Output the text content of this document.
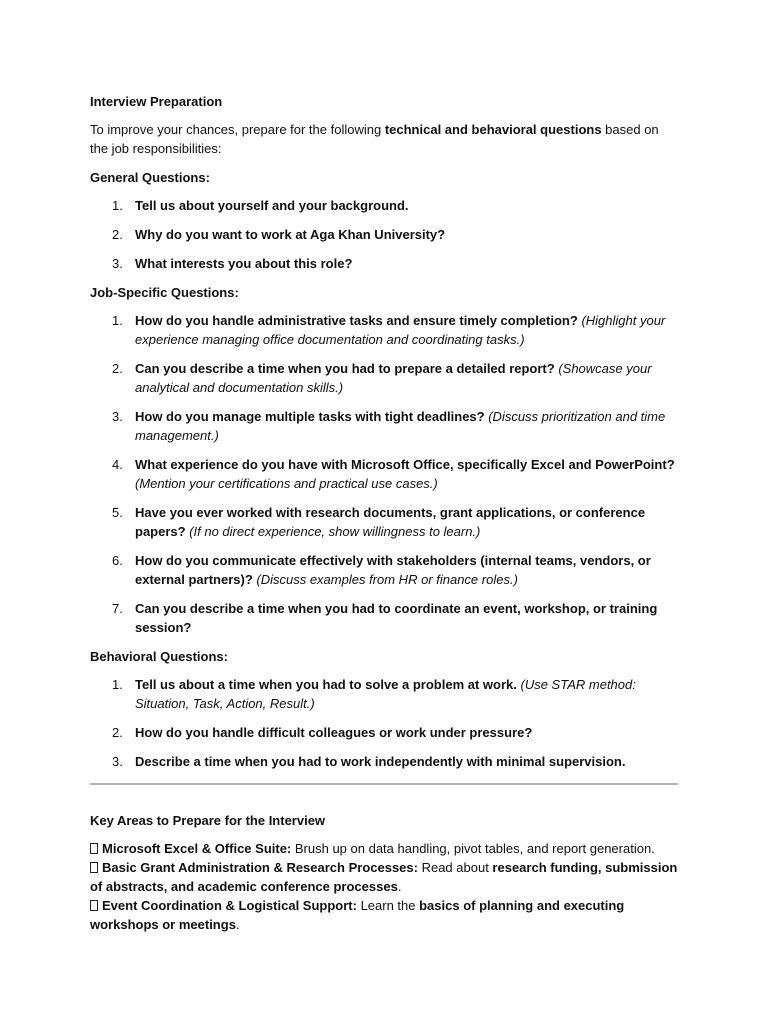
Interview Preparation

To improve your chances, prepare for the following technical and behavioral questions based on the job responsibilities:

General Questions:

1. Tell us about yourself and your background.
2. Why do you want to work at Aga Khan University?
3. What interests you about this role?

Job-Specific Questions:

1. How do you handle administrative tasks and ensure timely completion? (Highlight your experience managing office documentation and coordinating tasks.)
2. Can you describe a time when you had to prepare a detailed report? (Showcase your analytical and documentation skills.)
3. How do you manage multiple tasks with tight deadlines? (Discuss prioritization and time management.)
4. What experience do you have with Microsoft Office, specifically Excel and PowerPoint? (Mention your certifications and practical use cases.)
5. Have you ever worked with research documents, grant applications, or conference papers? (If no direct experience, show willingness to learn.)
6. How do you communicate effectively with stakeholders (internal teams, vendors, or external partners)? (Discuss examples from HR or finance roles.)
7. Can you describe a time when you had to coordinate an event, workshop, or training session?

Behavioral Questions:

1. Tell us about a time when you had to solve a problem at work. (Use STAR method: Situation, Task, Action, Result.)
2. How do you handle difficult colleagues or work under pressure?
3. Describe a time when you had to work independently with minimal supervision.

Key Areas to Prepare for the Interview

Microsoft Excel & Office Suite: Brush up on data handling, pivot tables, and report generation.

Basic Grant Administration & Research Processes: Read about research funding, submission of abstracts, and academic conference processes.

Event Coordination & Logistical Support: Learn the basics of planning and executing workshops or meetings.
